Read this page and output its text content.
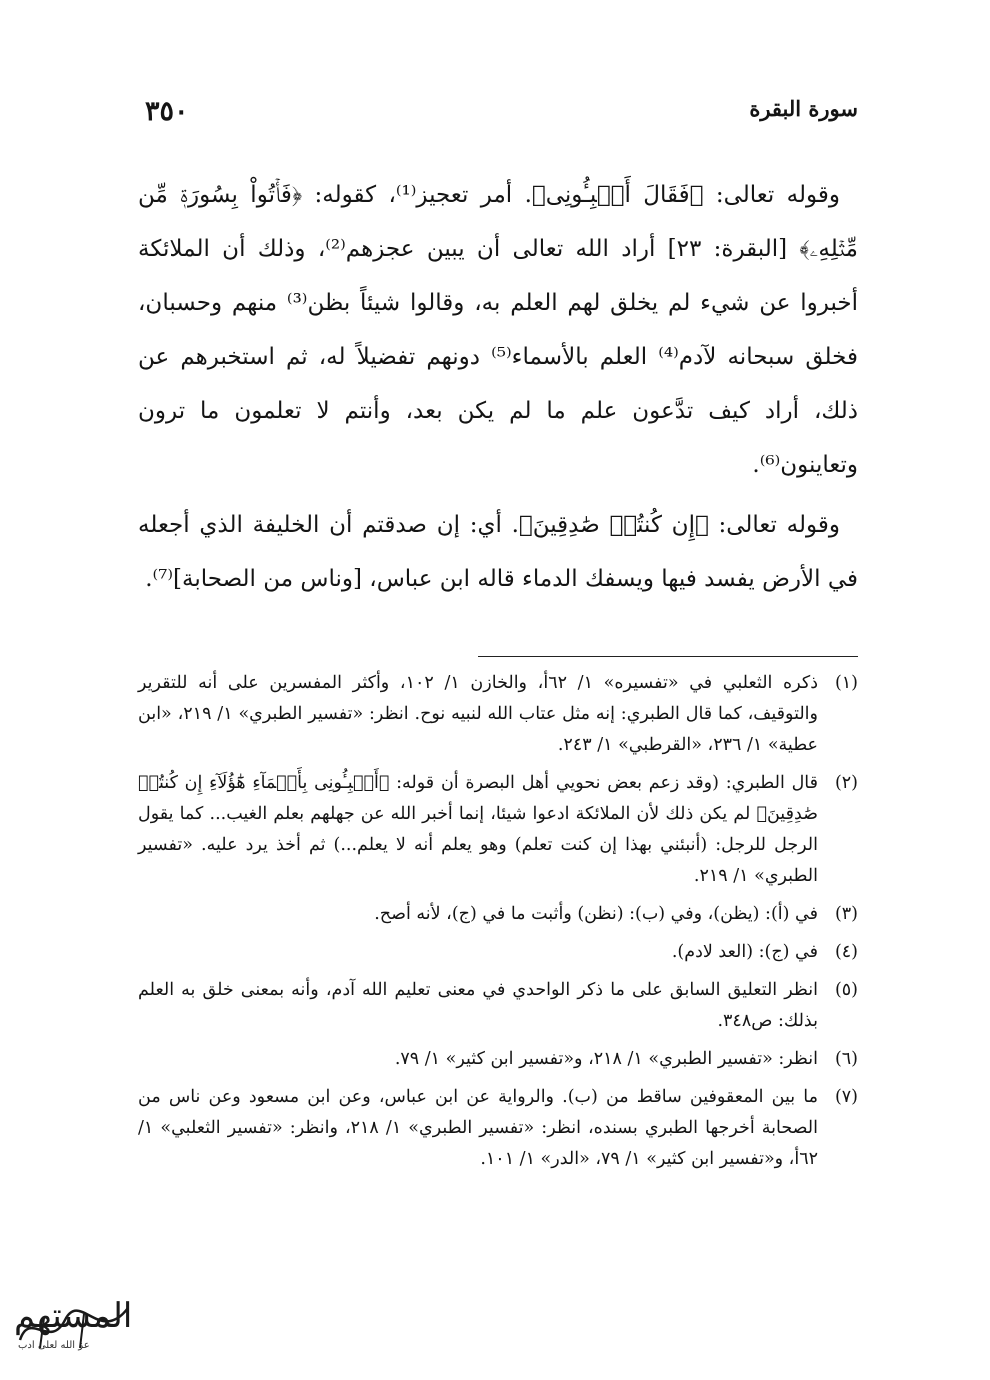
سورة البقرة
٣٥٠

وقوله تعالى: ﴿فَقَالَ أَنۢبِـُٔونِى﴾. أمر تعجيز⁽¹⁾، كقوله: ﴿فَأۡتُواْ بِسُورَةٖ مِّن مِّثۡلِهِۦ﴾ [البقرة: ٢٣] أراد الله تعالى أن يبين عجزهم⁽²⁾، وذلك أن الملائكة أخبروا عن شيء لم يخلق لهم العلم به، وقالوا شيئاً بظن⁽³⁾ منهم وحسبان، فخلق سبحانه لآدم⁽⁴⁾ العلم بالأسماء⁽⁵⁾ دونهم تفضيلاً له، ثم استخبرهم عن ذلك، أراد كيف تدَّعون علم ما لم يكن بعد، وأنتم لا تعلمون ما ترون وتعاينون⁽⁶⁾.

وقوله تعالى: ﴿إِن كُنتُمۡ صَٰدِقِينَ﴾. أي: إن صدقتم أن الخليفة الذي أجعله في الأرض يفسد فيها ويسفك الدماء قاله ابن عباس، [وناس من الصحابة]⁽⁷⁾.

(١)
ذكره الثعلبي في «تفسيره» ١/ ٦٢أ، والخازن ١/ ١٠٢، وأكثر المفسرين على أنه للتقرير والتوقيف، كما قال الطبري: إنه مثل عتاب الله لنبيه نوح. انظر: «تفسير الطبري» ١/ ٢١٩، «ابن عطية» ١/ ٢٣٦، «القرطبي» ١/ ٢٤٣.
(٢)
قال الطبري: (وقد زعم بعض نحويي أهل البصرة أن قوله: ﴿أَنۢبِـُٔونِى بِأَسۡمَآءِ هَٰٓؤُلَآءِ إِن كُنتُمۡ صَٰدِقِينَ﴾ لم يكن ذلك لأن الملائكة ادعوا شيئا، إنما أخبر الله عن جهلهم بعلم الغيب... كما يقول الرجل للرجل: (أنبئني بهذا إن كنت تعلم) وهو يعلم أنه لا يعلم...) ثم أخذ يرد عليه. «تفسير الطبري» ١/ ٢١٩.
(٣)
في (أ): (يظن)، وفي (ب): (نظن) وأثبت ما في (ج)، لأنه أصح.
(٤)
في (ج): (العد لادم).
(٥)
انظر التعليق السابق على ما ذكر الواحدي في معنى تعليم الله آدم، وأنه بمعنى خلق به العلم بذلك: ص٣٤٨.
(٦)
انظر: «تفسير الطبري» ١/ ٢١٨، و«تفسير ابن كثير» ١/ ٧٩.
(٧)
ما بين المعقوفين ساقط من (ب). والرواية عن ابن عباس، وعن ابن مسعود وعن ناس من الصحابة أخرجها الطبري بسنده، انظر: «تفسير الطبري» ١/ ٢١٨، وانظر: «تفسير الثعلبي» ١/ ٦٢أ، و«تفسير ابن كثير» ١/ ٧٩، «الدر» ١/ ١٠١.
المستهم
عز الله لعلى ادب
